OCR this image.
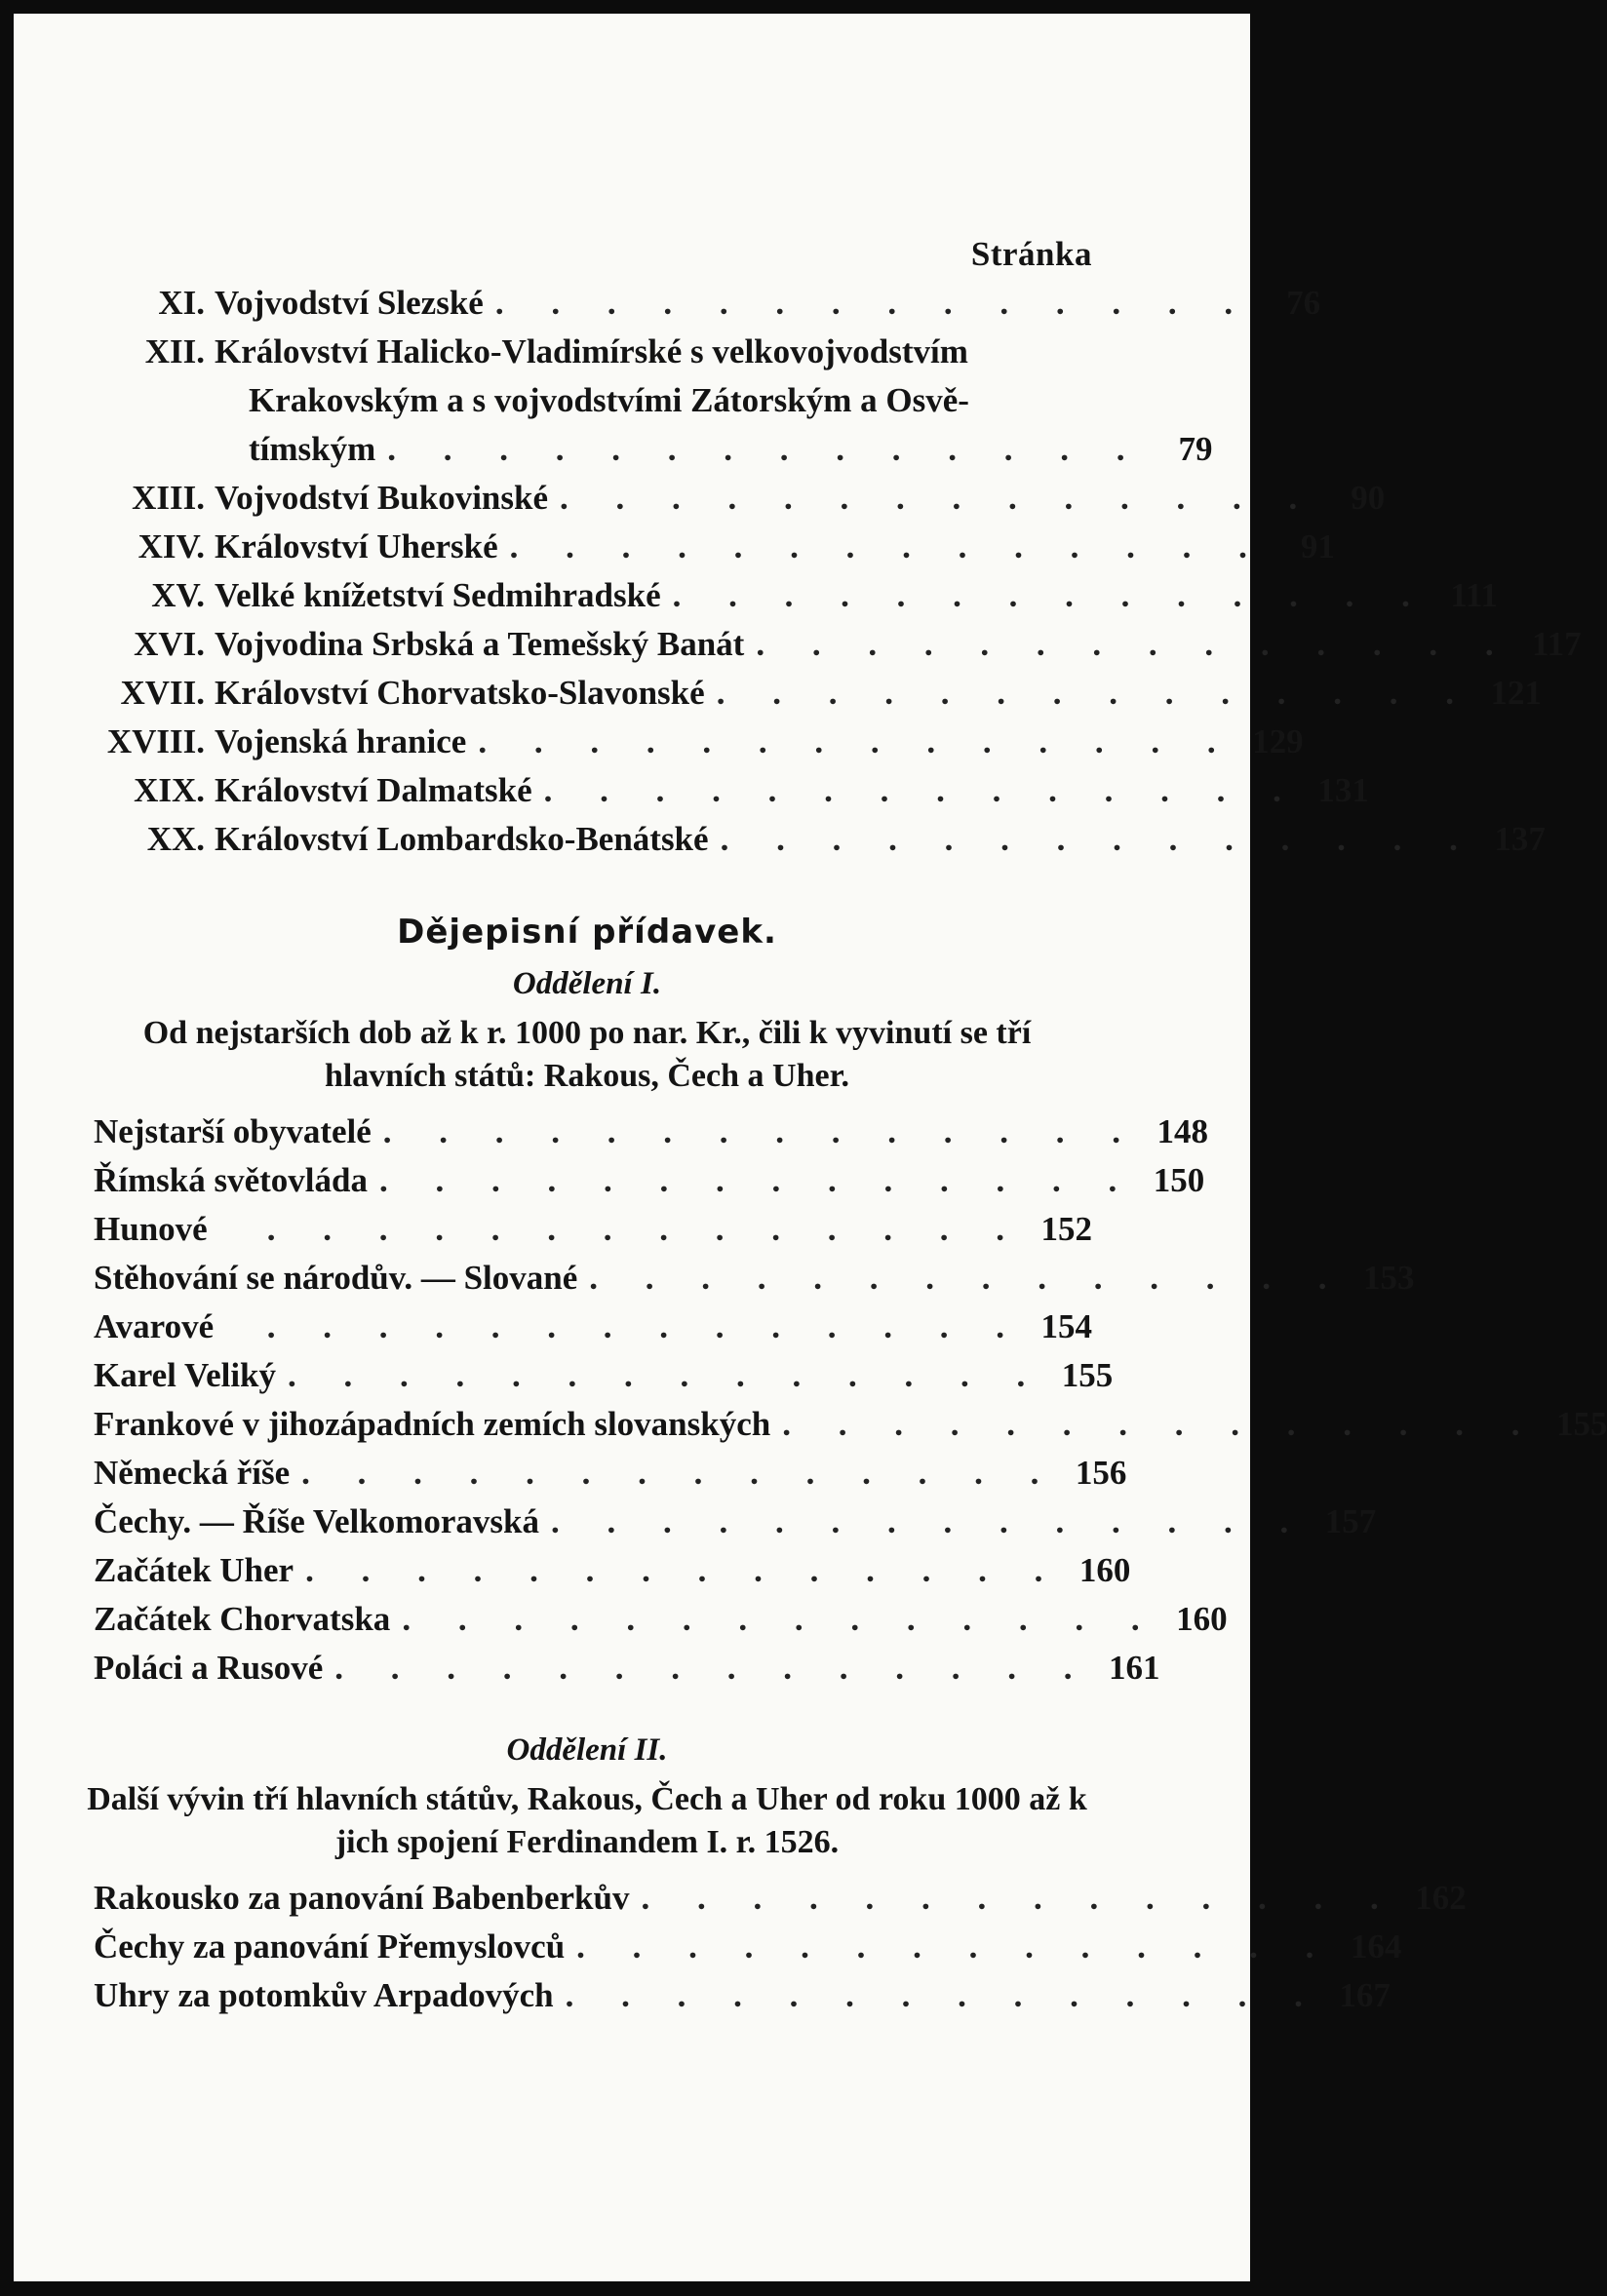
Stránka
XI. Vojvodství Slezské . . . . . . . . . . . . . .	76
XII. Království Halicko-Vladimírské s velkovojvodstvím
Krakovským a s vojvodstvími Zátorským a Osvě-
tímským . . . . . . . . . . . . . .	79
XIII. Vojvodství Bukovinské . . . . . . . . . . . . . .	90
XIV. Království Uherské . . . . . . . . . . . . . .	91
XV. Velké knížetství Sedmihradské . . . . . . . . . . . . . . 111
XVI. Vojvodina Srbská a Temešský Banát . . . . . . . . . . . . . . 117
XVII. Království Chorvatsko-Slavonské . . . . . . . . . . . . . . 121
XVIII. Vojenská hranice . . . . . . . . . . . . . . 129
XIX. Království Dalmatské . . . . . . . . . . . . . . 131
XX. Království Lombardsko-Benátské . . . . . . . . . . . . . . 137
Dějepisní přídavek.
Oddělení I.
Od nejstarších dob až k r. 1000 po nar. Kr., čili k vyvinutí se tří hlavních států: Rakous, Čech a Uher.
Nejstarší obyvatelé . . . . . . . . . . . . . . 148
Římská světovláda . . . . . . . . . . . . . . 150
Hunové	. . . . . . . . . . . . . . 152
Stěhování se národův. — Slované . . . . . . . . . . . . . . 153
Avarové	. . . . . . . . . . . . . . 154
Karel Veliký . . . . . . . . . . . . . . 155
Frankové v jihozápadních zemích slovanských . . . . . . . . . . . . . . 155
Německá říše . . . . . . . . . . . . . . 156
Čechy. — Říše Velkomoravská . . . . . . . . . . . . . . 157
Začátek Uher . . . . . . . . . . . . . . 160
Začátek Chorvatska . . . . . . . . . . . . . . 160
Poláci a Rusové . . . . . . . . . . . . . . 161
Oddělení II.
Další vývin tří hlavních státův, Rakous, Čech a Uher od roku 1000 až k jich spojení Ferdinandem I. r. 1526.
Rakousko za panování Babenberkův . . . . . . . . . . . . . . 162
Čechy za panování Přemyslovců . . . . . . . . . . . . . . 164
Uhry za potomkův Arpadových . . . . . . . . . . . . . . 167
